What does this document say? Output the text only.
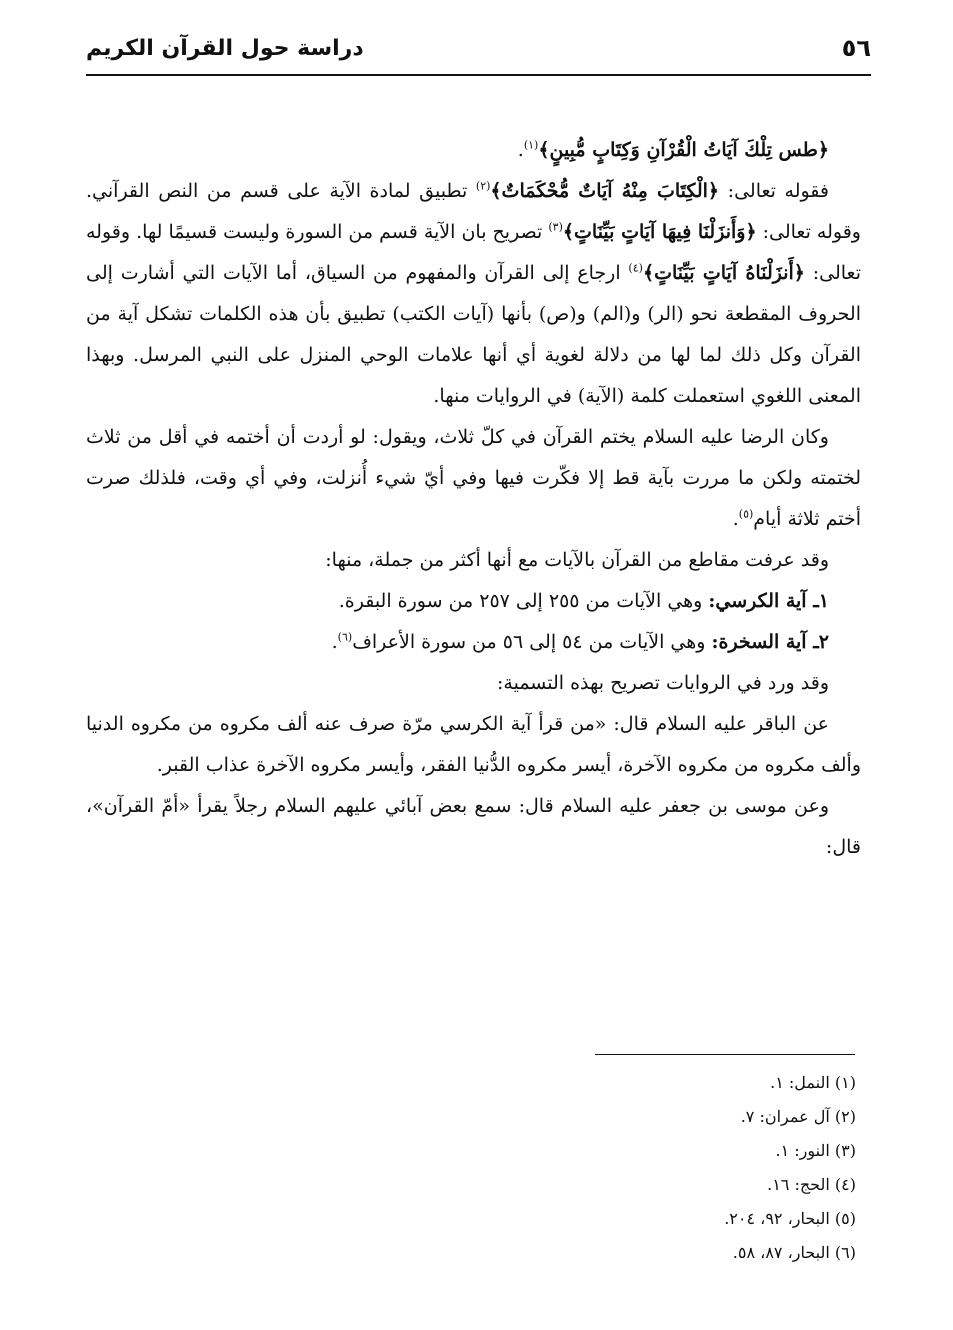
٥٦
دراسة حول القرآن الكريم

﴿طس تِلْكَ آيَاتُ الْقُرْآنِ وَكِتَابٍ مُّبِينٍ﴾$^{(١)}$.

فقوله تعالى: ﴿الْكِتَابَ مِنْهُ آيَاتٌ مُّحْكَمَاتٌ﴾$^{(٢)}$ تطبيق لمادة الآية على قسم من النص القرآني. وقوله تعالى: ﴿وَأَنزَلْنَا فِيهَا آيَاتٍ بَيِّنَاتٍ﴾$^{(٣)}$ تصريح بان الآية قسم من السورة وليست قسيمًا لها. وقوله تعالى: ﴿أَنزَلْنَاهُ آيَاتٍ بَيِّنَاتٍ﴾$^{(٤)}$ ارجاع إلى القرآن والمفهوم من السياق، أما الآيات التي أشارت إلى الحروف المقطعة نحو (الر) و(الم) و(ص) بأنها (آيات الكتب) تطبيق بأن هذه الكلمات تشكل آية من القرآن وكل ذلك لما لها من دلالة لغوية أي أنها علامات الوحي المنزل على النبي المرسل. وبهذا المعنى اللغوي استعملت كلمة (الآية) في الروايات منها.

وكان الرضا عليه السلام يختم القرآن في كلّ ثلاث، ويقول: لو أردت أن أختمه في أقل من ثلاث لختمته ولكن ما مررت بآية قط إلا فكّرت فيها وفي أيّ شيء أُنزلت، وفي أي وقت، فلذلك صرت أختم ثلاثة أيام$^{(٥)}$.

وقد عرفت مقاطع من القرآن بالآيات مع أنها أكثر من جملة، منها:

١ـ آية الكرسي: وهي الآيات من ٢٥٥ إلى ٢٥٧ من سورة البقرة.

٢ـ آية السخرة: وهي الآيات من ٥٤ إلى ٥٦ من سورة الأعراف$^{(٦)}$.

وقد ورد في الروايات تصريح بهذه التسمية:

عن الباقر عليه السلام قال: «من قرأ آية الكرسي مرّة صرف عنه ألف مكروه من مكروه الدنيا وألف مكروه من مكروه الآخرة، أيسر مكروه الدُّنيا الفقر، وأيسر مكروه الآخرة عذاب القبر.

وعن موسى بن جعفر عليه السلام قال: سمع بعض آبائي عليهم السلام رجلاً يقرأ «أمّ القرآن»، قال:

(١) النمل: ١.

(٢) آل عمران: ٧.

(٣) النور: ١.

(٤) الحج: ١٦.

(٥) البحار، ٩٢، ٢٠٤.

(٦) البحار، ٨٧، ٥٨.
